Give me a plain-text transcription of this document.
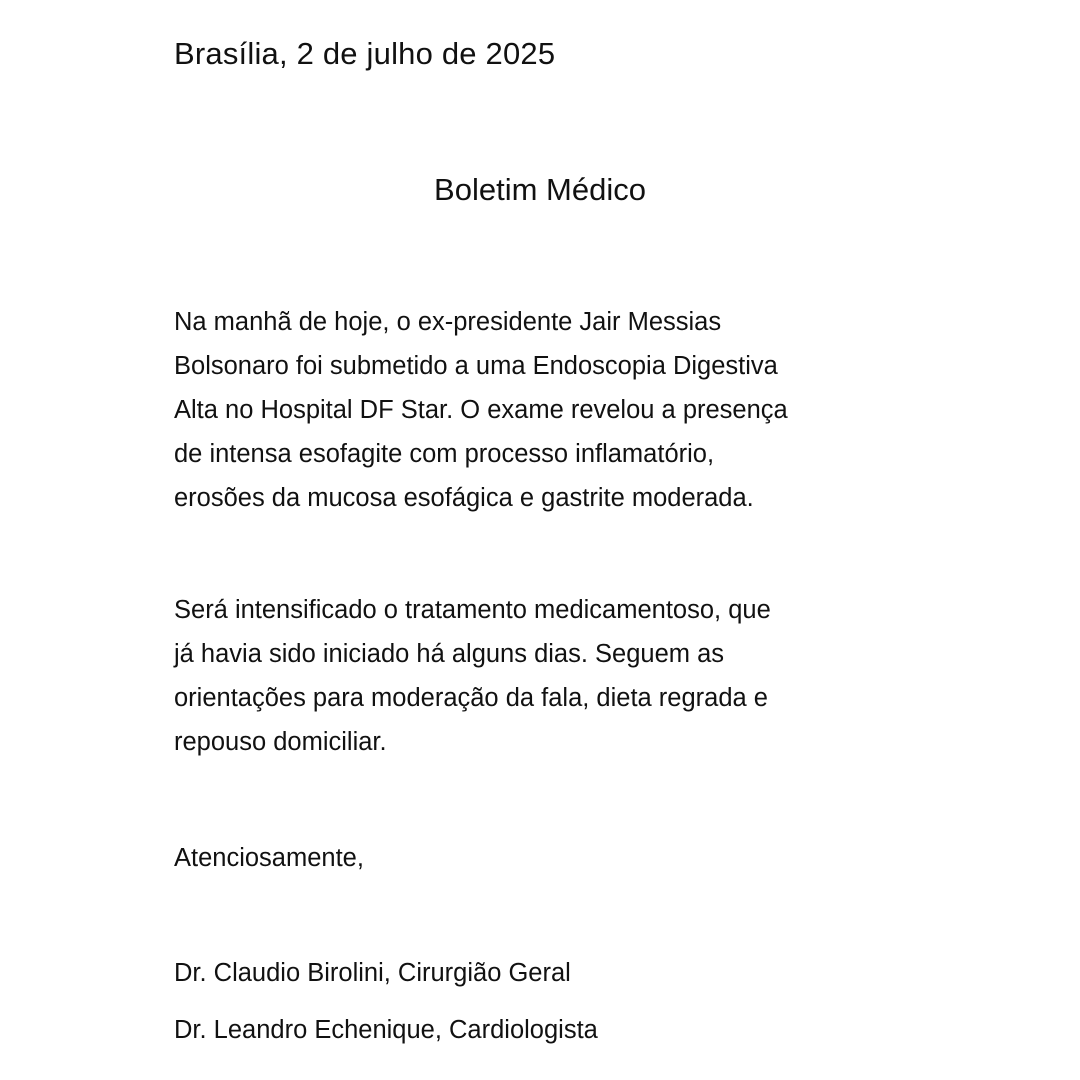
Brasília, 2 de julho de 2025
Boletim Médico
Na manhã de hoje, o ex-presidente Jair Messias
Bolsonaro foi submetido a uma Endoscopia Digestiva
Alta no Hospital DF Star. O exame revelou a presença
de intensa esofagite com processo inflamatório,
erosões da mucosa esofágica e gastrite moderada.
Será intensificado o tratamento medicamentoso, que
já havia sido iniciado há alguns dias. Seguem as
orientações para moderação da fala, dieta regrada e
repouso domiciliar.
Atenciosamente,
Dr. Claudio Birolini, Cirurgião Geral
Dr. Leandro Echenique, Cardiologista
